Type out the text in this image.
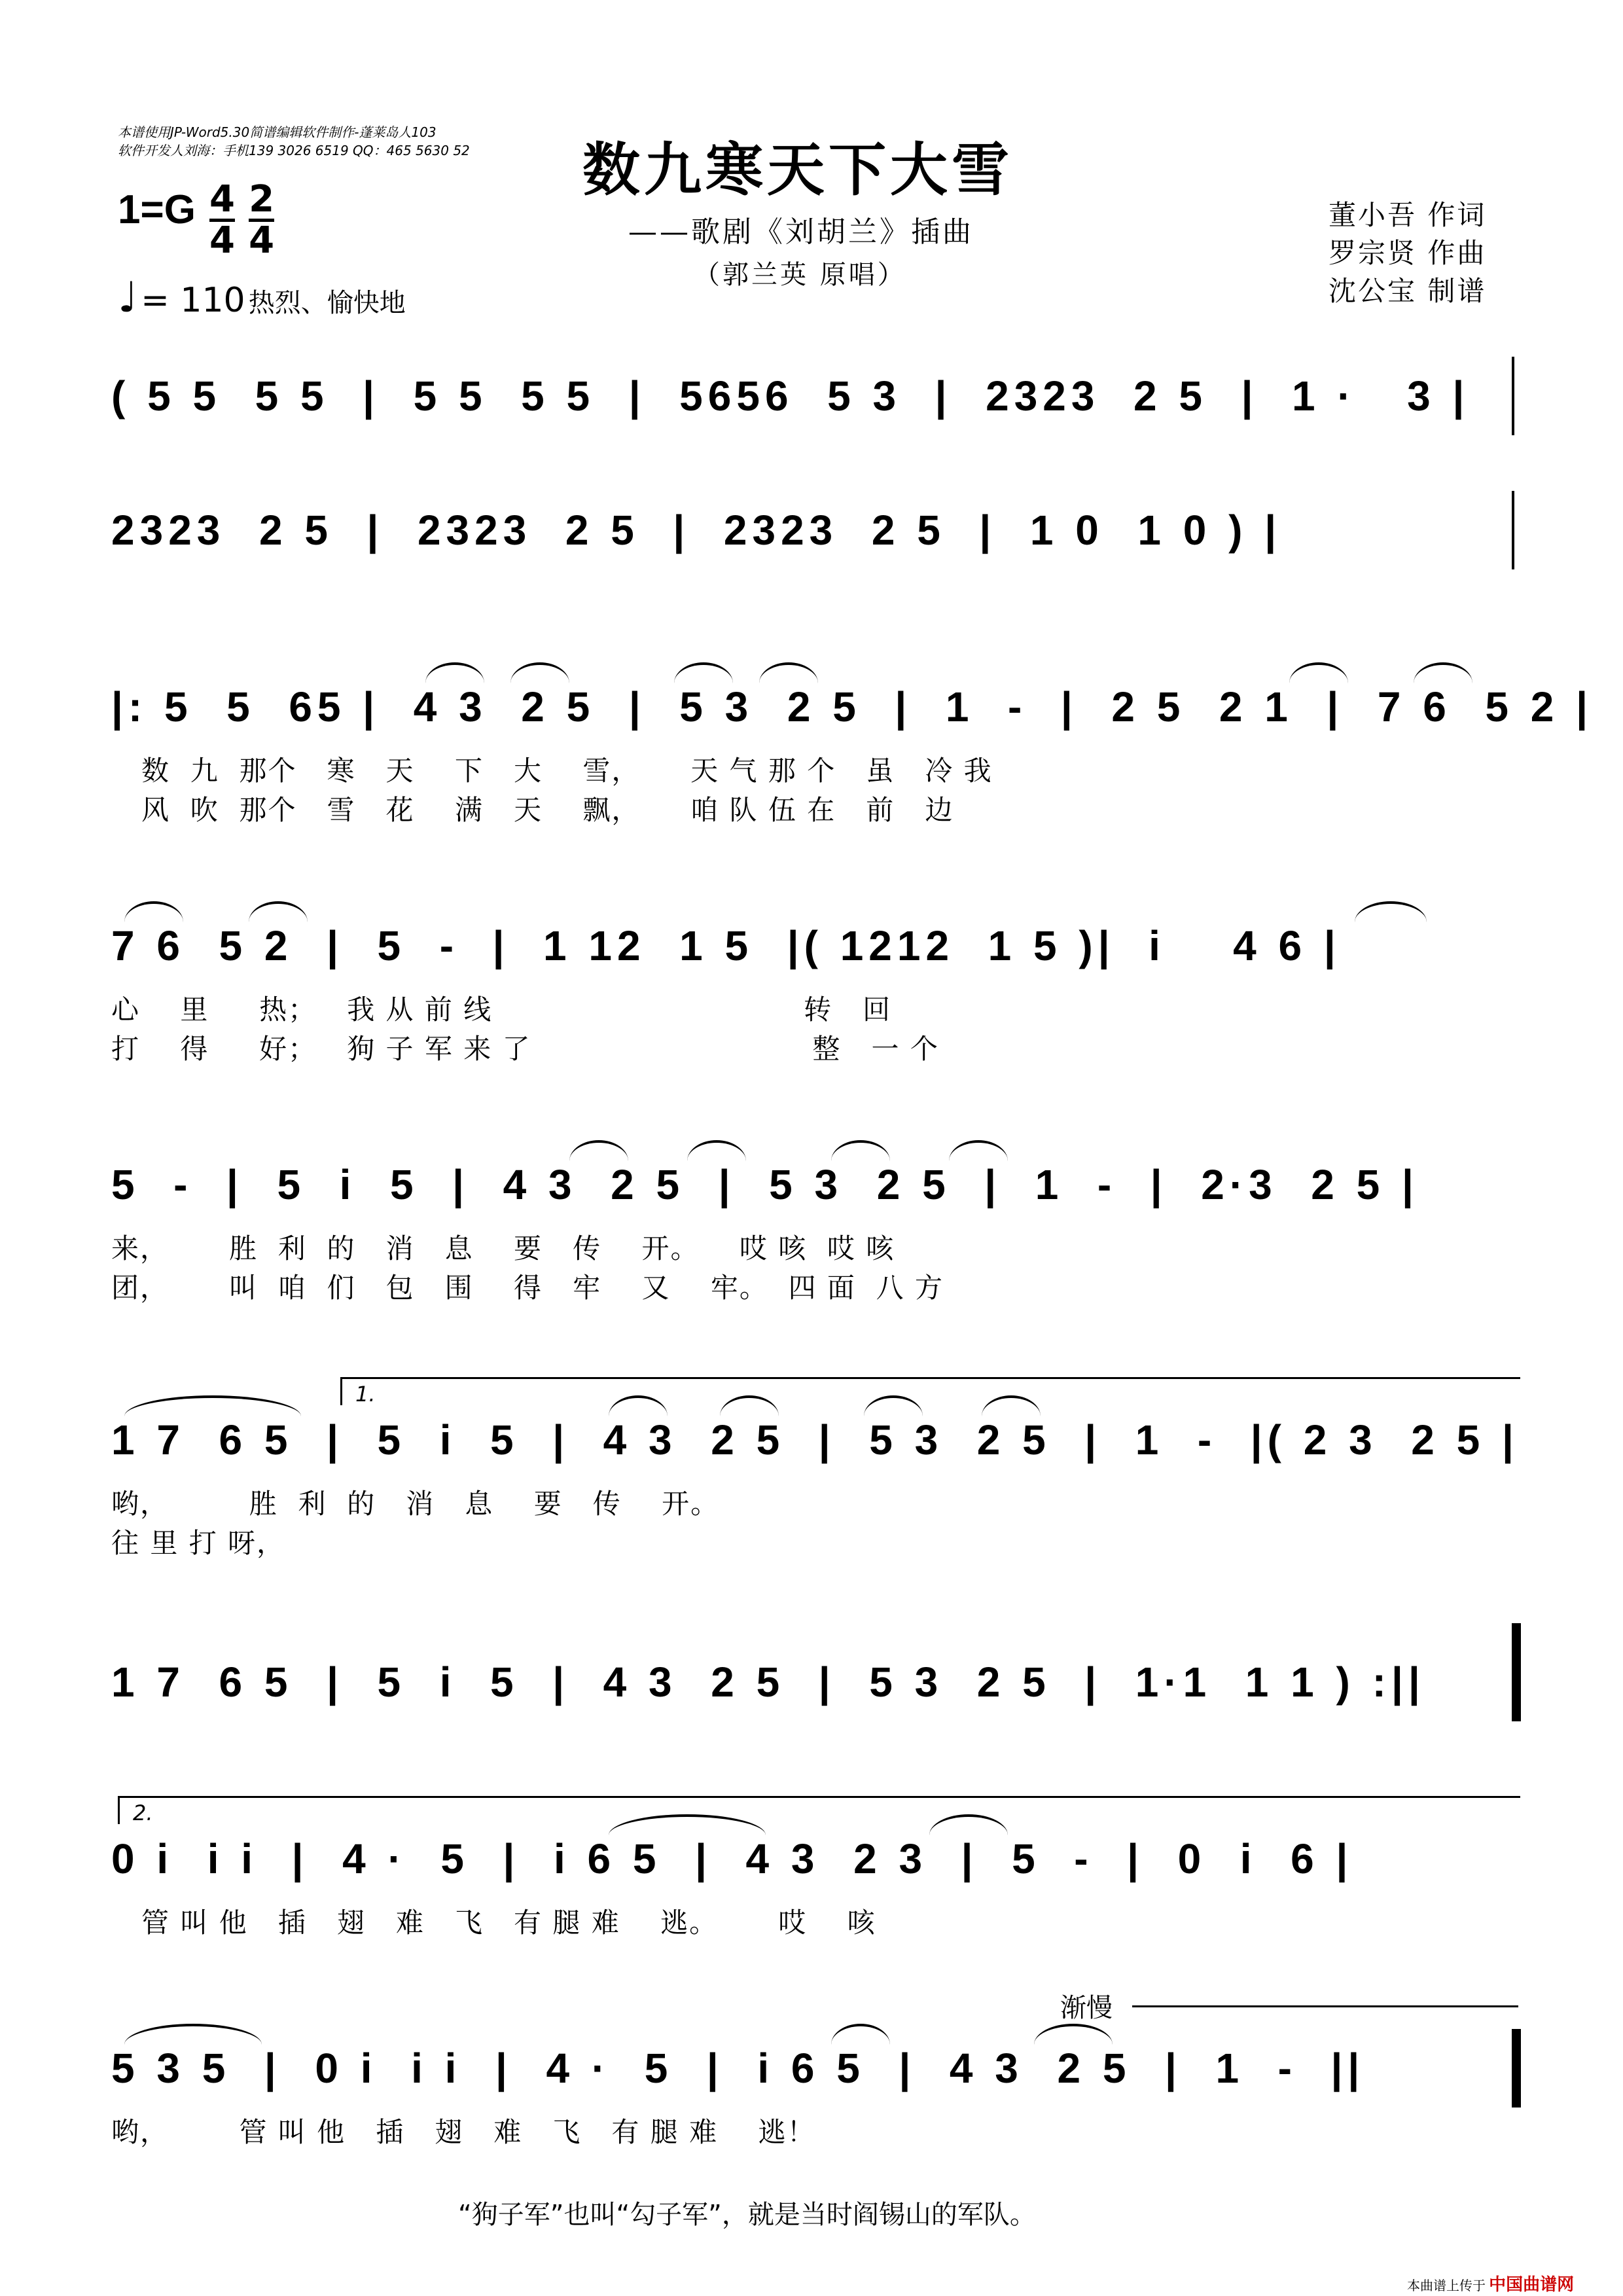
本谱使用JP-Word5.30简谱编辑软件制作-蓬莱岛人103
软件开发人刘海：手机139 3026 6519 QQ：465 5630 52 数九寒天下大雪
——歌剧《刘胡兰》插曲
（郭兰英 原唱）
1=G 4
4 2
4
♩ = 110 热烈、愉快地
董小吾 作词
罗宗贤 作曲
沈公宝 制谱
( 5 5  5 5  |  5 5  5 5  |  5656  5 3  |  2323  2 5  |  1 ·   3 |
2323  2 5  |  2323  2 5  |  2323  2 5  |  1 0  1 0 ) |
|: 5  5  65 |  4 3  2 5  |  5 3  2 5  |  1  -  |  2 5  2 1  |  7 6  5 2 |
数  九  那个   寒   天    下   大    雪，     天 气 那 个   虽   冷 我
风  吹  那个   雪   花    满   天    飘，     咱 队 伍 在   前   边
7 6  5 2  |  5  -  |  1 12  1 5  |( 1212  1 5 )|  i    4 6 |
心    里     热；   我 从 前 线                               转   回
打    得     好；   狗 子 军 来 了                            整   一 个
5  -  |  5  i  5  |  4 3  2 5  |  5 3  2 5  |  1  -  |  2·3  2 5 |
来，      胜  利  的   消   息    要   传    开。    哎 咳  哎 咳
团，      叫  咱  们   包   围    得   牢    又    牢。  四 面  八 方
1.
1 7  6 5  |  5  i  5  |  4 3  2 5  |  5 3  2 5  |  1  -  |( 2 3  2 5 |
哟，        胜  利  的   消   息    要   传    开。
往 里 打 呀，
1 7  6 5  |  5  i  5  |  4 3  2 5  |  5 3  2 5  |  1·1  1 1 ) :||
2.
0 i  i i  |  4 ·  5  |  i 6 5  |  4 3  2 3  |  5  -  |  0  i  6 |
管 叫 他   插   翅   难   飞   有 腿 难    逃。      哎    咳
渐慢
5 3 5  |  0 i  i i  |  4 ·  5  |  i 6 5  |  4 3  2 5  |  1  -  ||
哟，       管 叫 他   插   翅   难   飞   有 腿 难    逃！
“狗子军”也叫“勾子军”，就是当时阎锡山的军队。
本曲谱上传于 中国曲谱网
